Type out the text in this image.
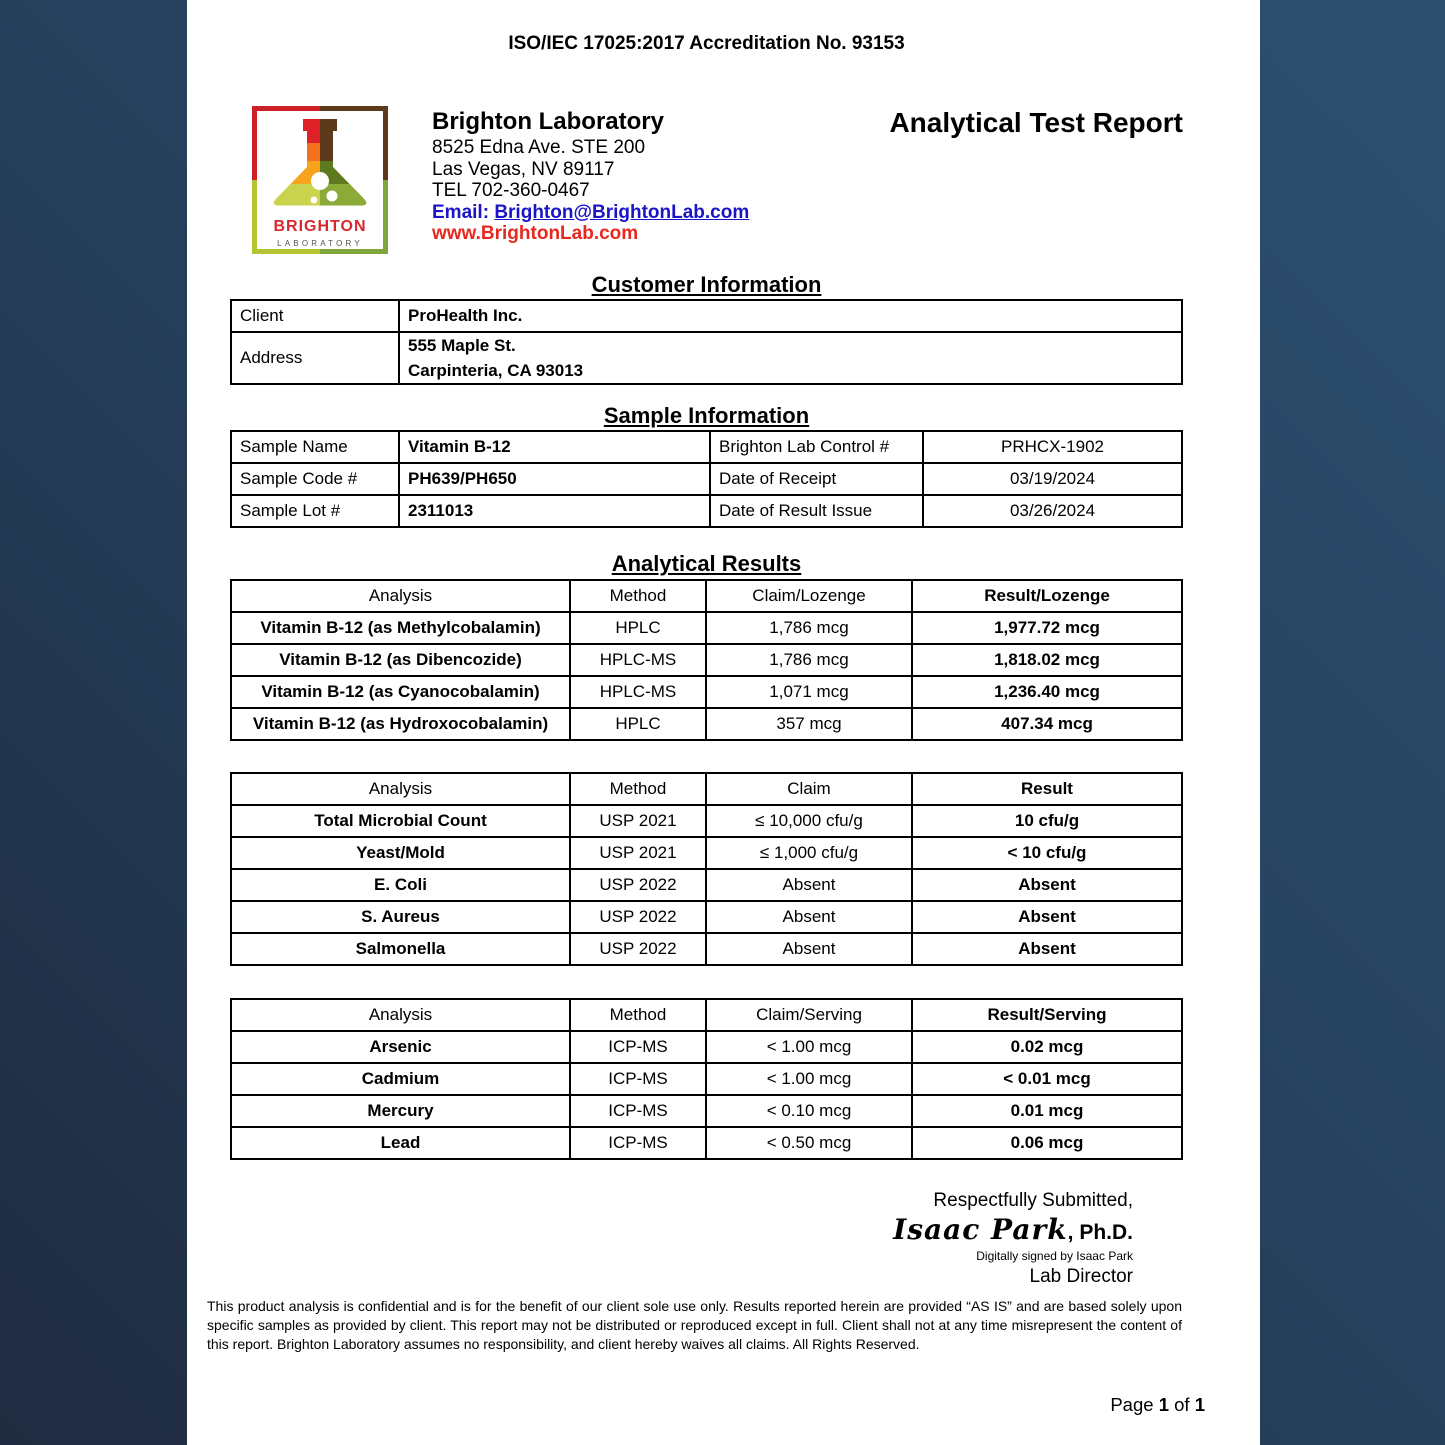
ISO/IEC 17025:2017 Accreditation No. 93153
BRIGHTON
LABORATORY
Brighton Laboratory
8525 Edna Ave. STE 200
Las Vegas, NV 89117
TEL 702-360-0467
Email: Brighton@BrightonLab.com
www.BrightonLab.com
Analytical Test Report
Customer Information
Client	ProHealth Inc.
Address	555 Maple St.
Carpinteria, CA 93013
Sample Information
Sample Name	Vitamin B-12	Brighton Lab Control #	PRHCX-1902
Sample Code #	PH639/PH650	Date of Receipt	03/19/2024
Sample Lot #	2311013	Date of Result Issue	03/26/2024
Analytical Results
Analysis	Method	Claim/Lozenge	Result/Lozenge
Vitamin B-12 (as Methylcobalamin)	HPLC	1,786 mcg	1,977.72 mcg
Vitamin B-12 (as Dibencozide)	HPLC-MS	1,786 mcg	1,818.02 mcg
Vitamin B-12 (as Cyanocobalamin)	HPLC-MS	1,071 mcg	1,236.40 mcg
Vitamin B-12 (as Hydroxocobalamin)	HPLC	357 mcg	407.34 mcg
Analysis	Method	Claim	Result
Total Microbial Count	USP 2021	≤ 10,000 cfu/g	10 cfu/g
Yeast/Mold	USP 2021	≤ 1,000 cfu/g	< 10 cfu/g
E. Coli	USP 2022	Absent	Absent
S. Aureus	USP 2022	Absent	Absent
Salmonella	USP 2022	Absent	Absent
Analysis	Method	Claim/Serving	Result/Serving
Arsenic	ICP-MS	< 1.00 mcg	0.02 mcg
Cadmium	ICP-MS	< 1.00 mcg	< 0.01 mcg
Mercury	ICP-MS	< 0.10 mcg	0.01 mcg
Lead	ICP-MS	< 0.50 mcg	0.06 mcg
Respectfully Submitted,
Isaac Park, Ph.D.
Digitally signed by Isaac Park
Lab Director
This product analysis is confidential and is for the benefit of our client sole use only. Results reported herein are provided “AS IS” and are based solely upon specific samples as provided by client. This report may not be distributed or reproduced except in full. Client shall not at any time misrepresent the content of this report. Brighton Laboratory assumes no responsibility, and client hereby waives all claims. All Rights Reserved.
Page 1 of 1
